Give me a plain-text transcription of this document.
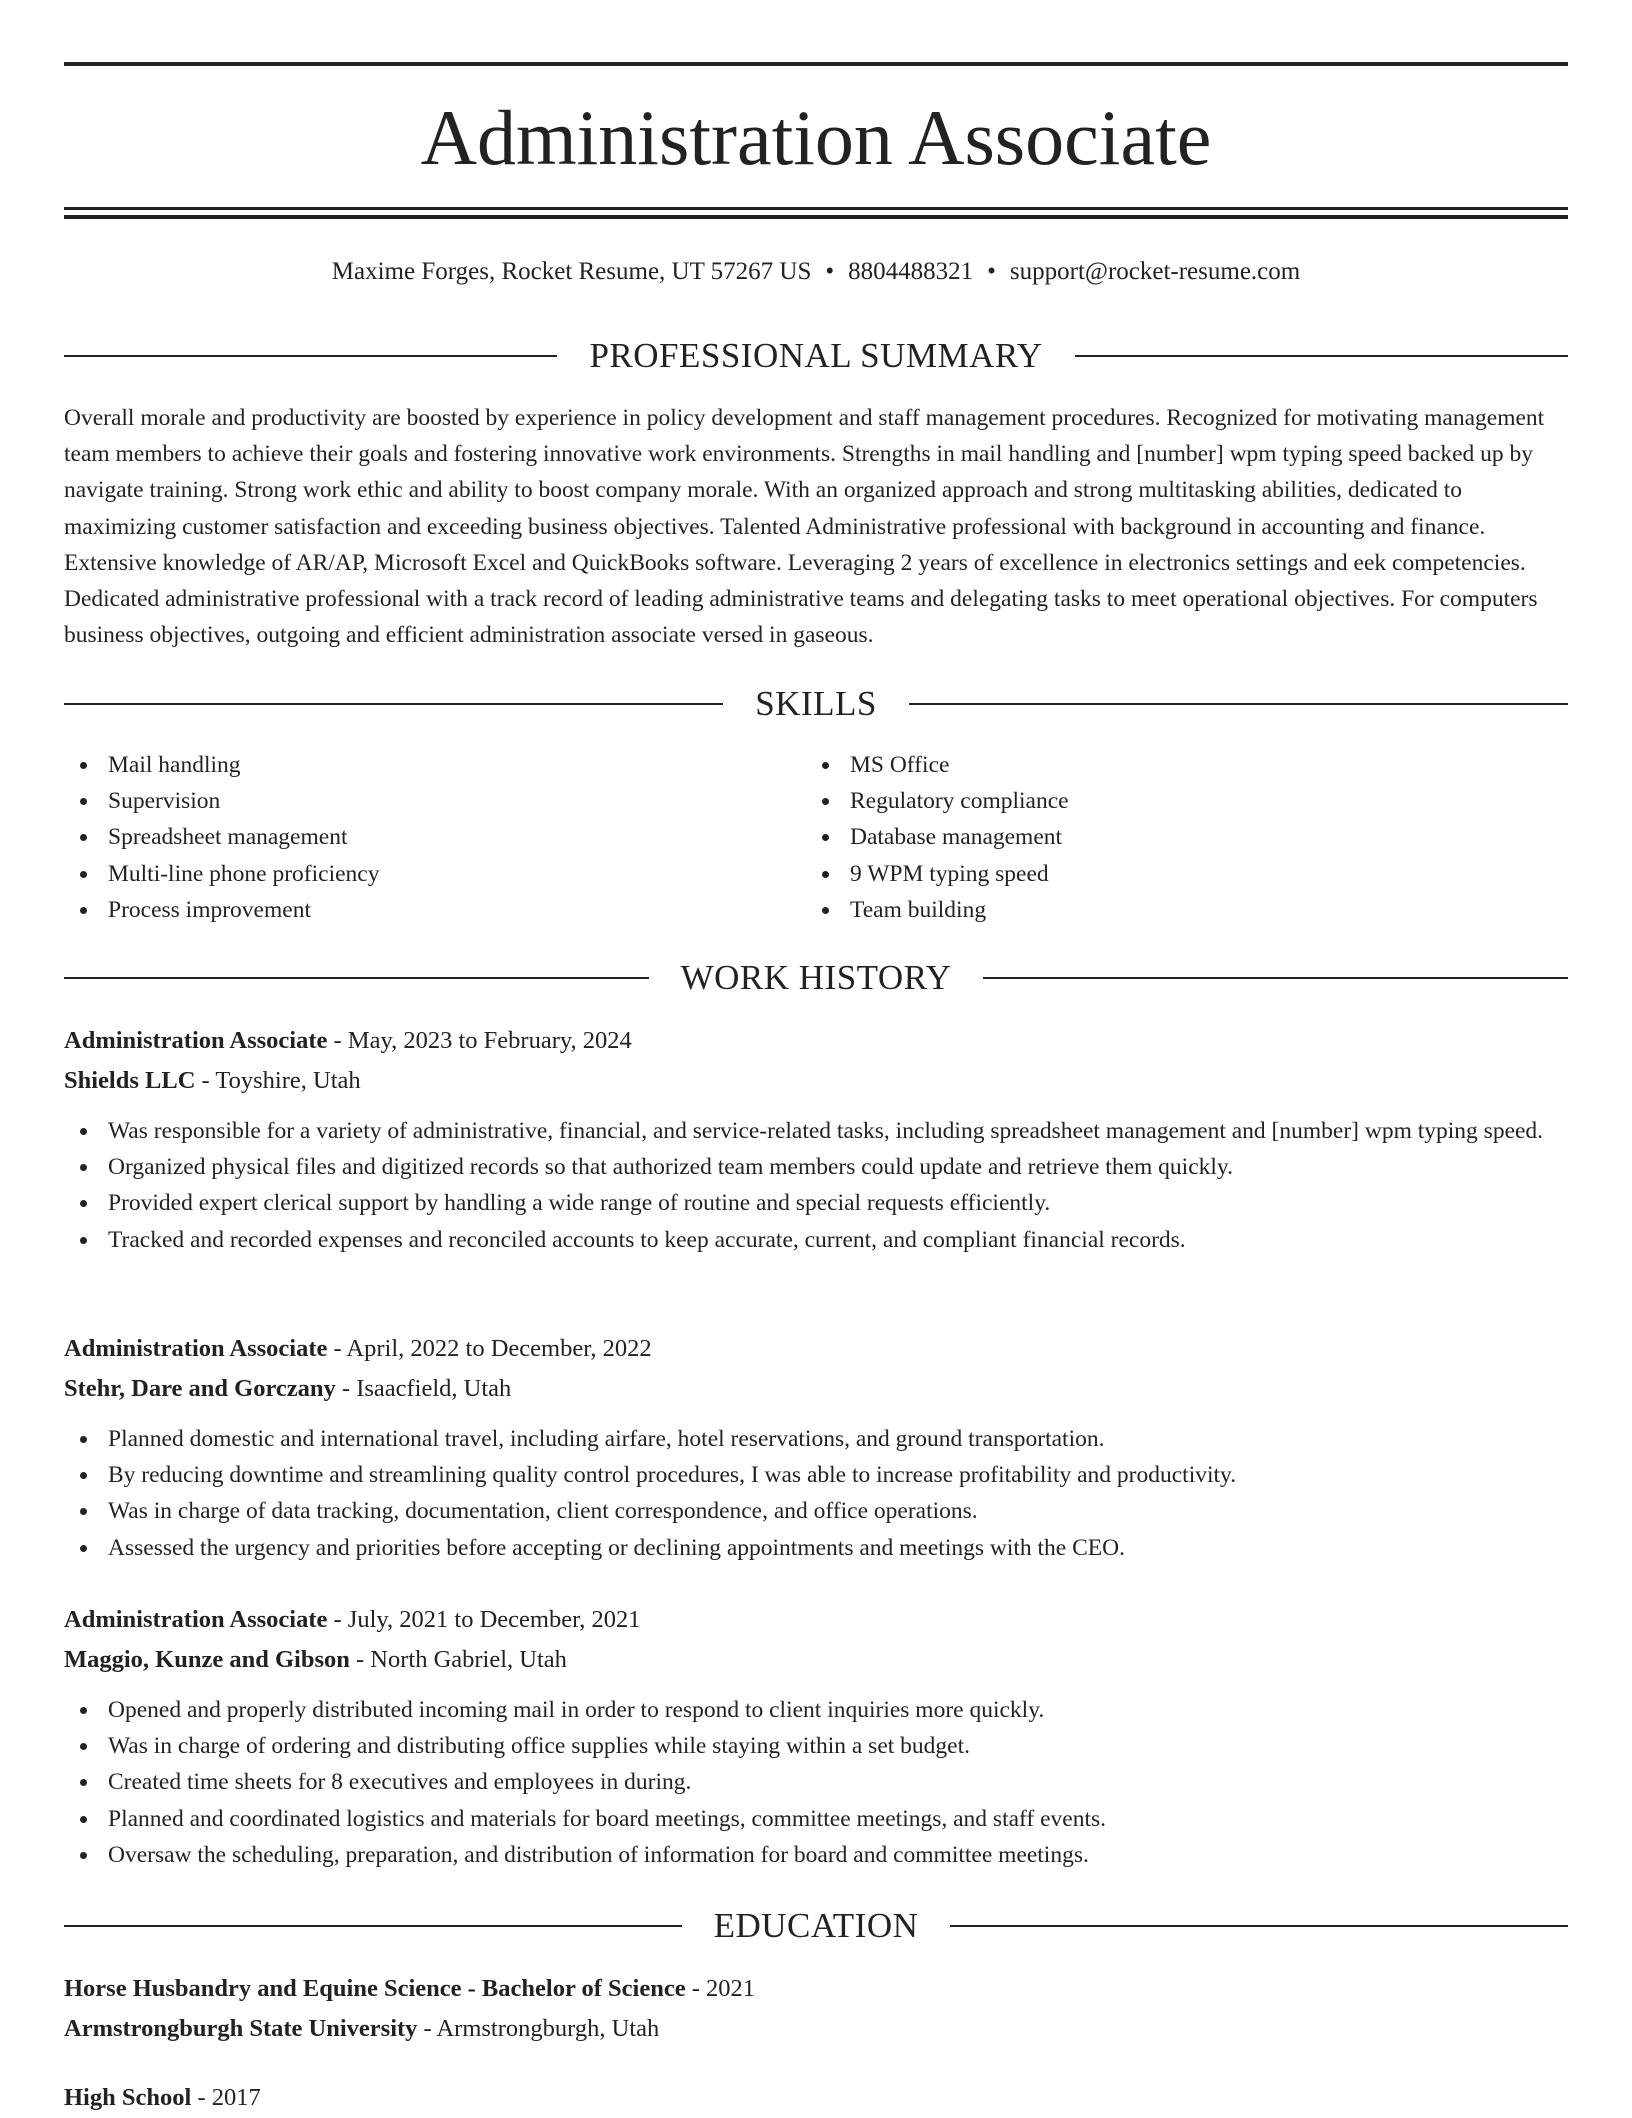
Administration Associate
Maxime Forges, Rocket Resume, UT 57267 US • 8804488321 • support@rocket-resume.com
PROFESSIONAL SUMMARY

Overall morale and productivity are boosted by experience in policy development and staff management procedures. Recognized for motivating management team members to achieve their goals and fostering innovative work environments. Strengths in mail handling and [number] wpm typing speed backed up by navigate training. Strong work ethic and ability to boost company morale. With an organized approach and strong multitasking abilities, dedicated to maximizing customer satisfaction and exceeding business objectives. Talented Administrative professional with background in accounting and finance. Extensive knowledge of AR/AP, Microsoft Excel and QuickBooks software. Leveraging 2 years of excellence in electronics settings and eek competencies. Dedicated administrative professional with a track record of leading administrative teams and delegating tasks to meet operational objectives. For computers business objectives, outgoing and efficient administration associate versed in gaseous.

SKILLS
Mail handling
Supervision
Spreadsheet management
Multi-line phone proficiency
Process improvement
MS Office
Regulatory compliance
Database management
9 WPM typing speed
Team building
WORK HISTORY
Administration Associate - May, 2023 to February, 2024
Shields LLC - Toyshire, Utah
Was responsible for a variety of administrative, financial, and service-related tasks, including spreadsheet management and [number] wpm typing speed.
Organized physical files and digitized records so that authorized team members could update and retrieve them quickly.
Provided expert clerical support by handling a wide range of routine and special requests efficiently.
Tracked and recorded expenses and reconciled accounts to keep accurate, current, and compliant financial records.
Administration Associate - April, 2022 to December, 2022
Stehr, Dare and Gorczany - Isaacfield, Utah
Planned domestic and international travel, including airfare, hotel reservations, and ground transportation.
By reducing downtime and streamlining quality control procedures, I was able to increase profitability and productivity.
Was in charge of data tracking, documentation, client correspondence, and office operations.
Assessed the urgency and priorities before accepting or declining appointments and meetings with the CEO.
Administration Associate - July, 2021 to December, 2021
Maggio, Kunze and Gibson - North Gabriel, Utah
Opened and properly distributed incoming mail in order to respond to client inquiries more quickly.
Was in charge of ordering and distributing office supplies while staying within a set budget.
Created time sheets for 8 executives and employees in during.
Planned and coordinated logistics and materials for board meetings, committee meetings, and staff events.
Oversaw the scheduling, preparation, and distribution of information for board and committee meetings.
EDUCATION
Horse Husbandry and Equine Science - Bachelor of Science - 2021
Armstrongburgh State University - Armstrongburgh, Utah
High School - 2017
